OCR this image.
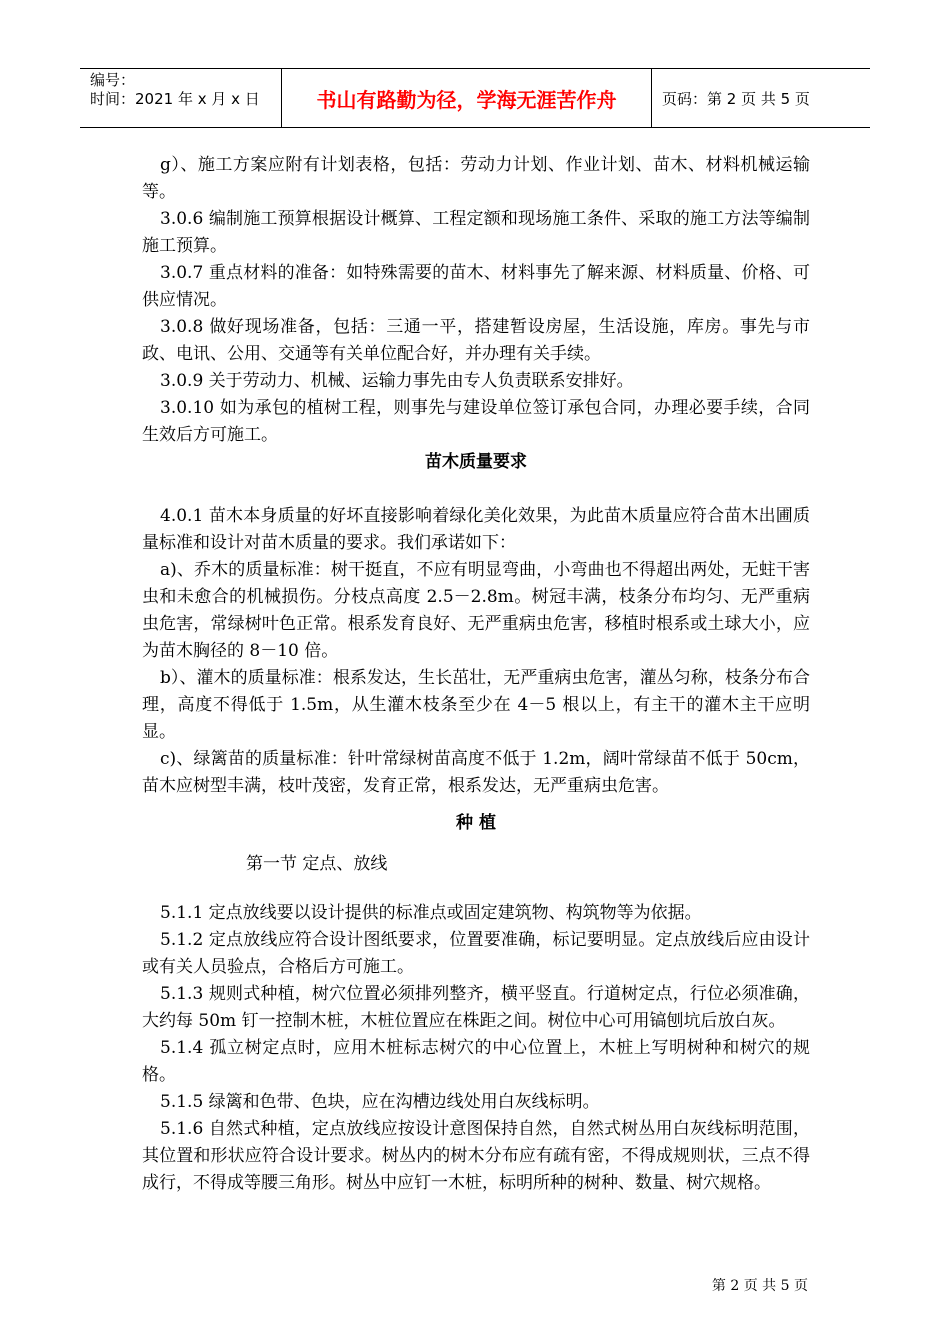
编号：
时间：2021 年 x 月 x 日	书山有路勤为径，学海无涯苦作舟	页码：第 2 页 共 5 页

g）、施工方案应附有计划表格，包括：劳动力计划、作业计划、苗木、材料机械运输等。

3.0.6 编制施工预算根据设计概算、工程定额和现场施工条件、采取的施工方法等编制施工预算。

3.0.7 重点材料的准备：如特殊需要的苗木、材料事先了解来源、材料质量、价格、可供应情况。

3.0.8 做好现场准备，包括：三通一平，搭建暂设房屋，生活设施，库房。事先与市政、电讯、公用、交通等有关单位配合好，并办理有关手续。

3.0.9 关于劳动力、机械、运输力事先由专人负责联系安排好。

3.0.10 如为承包的植树工程，则事先与建设单位签订承包合同，办理必要手续，合同生效后方可施工。

苗木质量要求

4.0.1 苗木本身质量的好坏直接影响着绿化美化效果，为此苗木质量应符合苗木出圃质量标准和设计对苗木质量的要求。我们承诺如下：

a)、乔木的质量标准：树干挺直，不应有明显弯曲，小弯曲也不得超出两处，无蛀干害虫和未愈合的机械损伤。分枝点高度 2.5－2.8m。树冠丰满，枝条分布均匀、无严重病虫危害，常绿树叶色正常。根系发育良好、无严重病虫危害，移植时根系或土球大小，应为苗木胸径的 8－10 倍。

b）、灌木的质量标准：根系发达，生长茁壮，无严重病虫危害，灌丛匀称，枝条分布合理，高度不得低于 1.5m，从生灌木枝条至少在 4－5 根以上，有主干的灌木主干应明显。

c)、绿篱苗的质量标准：针叶常绿树苗高度不低于 1.2m，阔叶常绿苗不低于 50cm，苗木应树型丰满，枝叶茂密，发育正常，根系发达，无严重病虫危害。

种 植

第一节 定点、放线

5.1.1 定点放线要以设计提供的标准点或固定建筑物、构筑物等为依据。

5.1.2 定点放线应符合设计图纸要求，位置要准确，标记要明显。定点放线后应由设计或有关人员验点，合格后方可施工。

5.1.3 规则式种植，树穴位置必须排列整齐，横平竖直。行道树定点，行位必须准确，大约每 50m 钉一控制木桩，木桩位置应在株距之间。树位中心可用镐刨坑后放白灰。

5.1.4 孤立树定点时，应用木桩标志树穴的中心位置上，木桩上写明树种和树穴的规格。

5.1.5 绿篱和色带、色块，应在沟槽边线处用白灰线标明。

5.1.6 自然式种植，定点放线应按设计意图保持自然，自然式树丛用白灰线标明范围，其位置和形状应符合设计要求。树丛内的树木分布应有疏有密，不得成规则状，三点不得成行，不得成等腰三角形。树丛中应钉一木桩，标明所种的树种、数量、树穴规格。

第 2 页 共 5 页
